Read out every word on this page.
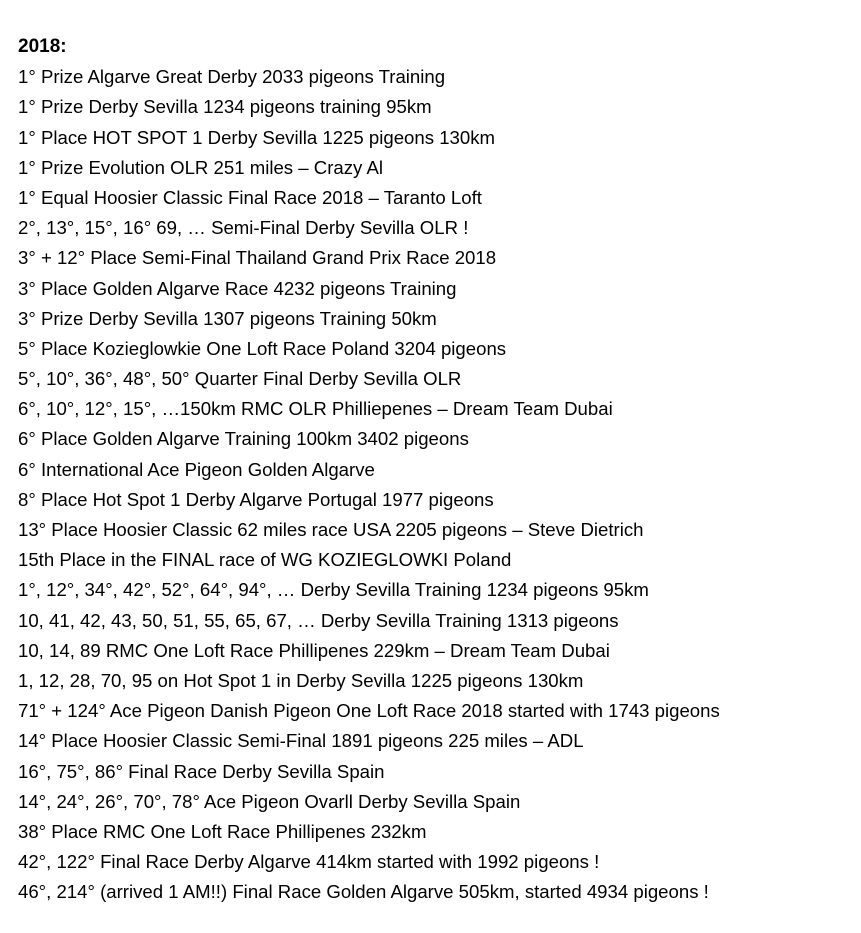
2018:
1° Prize Algarve Great Derby 2033 pigeons Training
1° Prize Derby Sevilla 1234 pigeons training 95km
1° Place HOT SPOT 1 Derby Sevilla 1225 pigeons 130km
1° Prize Evolution OLR 251 miles – Crazy Al
1° Equal Hoosier Classic Final Race 2018 – Taranto Loft
2°, 13°, 15°, 16° 69, … Semi-Final Derby Sevilla OLR !
3° + 12° Place Semi-Final Thailand Grand Prix Race 2018
3° Place Golden Algarve Race 4232 pigeons Training
3° Prize Derby Sevilla 1307 pigeons Training 50km
5° Place Kozieglowkie One Loft Race Poland 3204 pigeons
5°, 10°, 36°, 48°, 50° Quarter Final Derby Sevilla OLR
6°, 10°, 12°, 15°, …150km RMC OLR Philliepenes – Dream Team Dubai
6° Place Golden Algarve Training 100km 3402 pigeons
6° International Ace Pigeon Golden Algarve
8° Place Hot Spot 1 Derby Algarve Portugal 1977 pigeons
13° Place Hoosier Classic 62 miles race USA 2205 pigeons – Steve Dietrich
15th Place in the FINAL race of WG KOZIEGLOWKI Poland
1°, 12°, 34°, 42°, 52°, 64°, 94°, … Derby Sevilla Training 1234 pigeons 95km
10, 41, 42, 43, 50, 51, 55, 65, 67, … Derby Sevilla Training 1313 pigeons
10, 14, 89 RMC One Loft Race Phillipenes 229km – Dream Team Dubai
1, 12, 28, 70, 95 on Hot Spot 1 in Derby Sevilla 1225 pigeons 130km
71° + 124° Ace Pigeon Danish Pigeon One Loft Race 2018 started with 1743 pigeons
14° Place Hoosier Classic Semi-Final 1891 pigeons 225 miles – ADL
16°, 75°, 86° Final Race Derby Sevilla Spain
14°, 24°, 26°, 70°, 78° Ace Pigeon Ovarll Derby Sevilla Spain
38° Place RMC One Loft Race Phillipenes 232km
42°, 122° Final Race Derby Algarve 414km started with 1992 pigeons !
46°, 214° (arrived 1 AM!!) Final Race Golden Algarve 505km, started 4934 pigeons !
